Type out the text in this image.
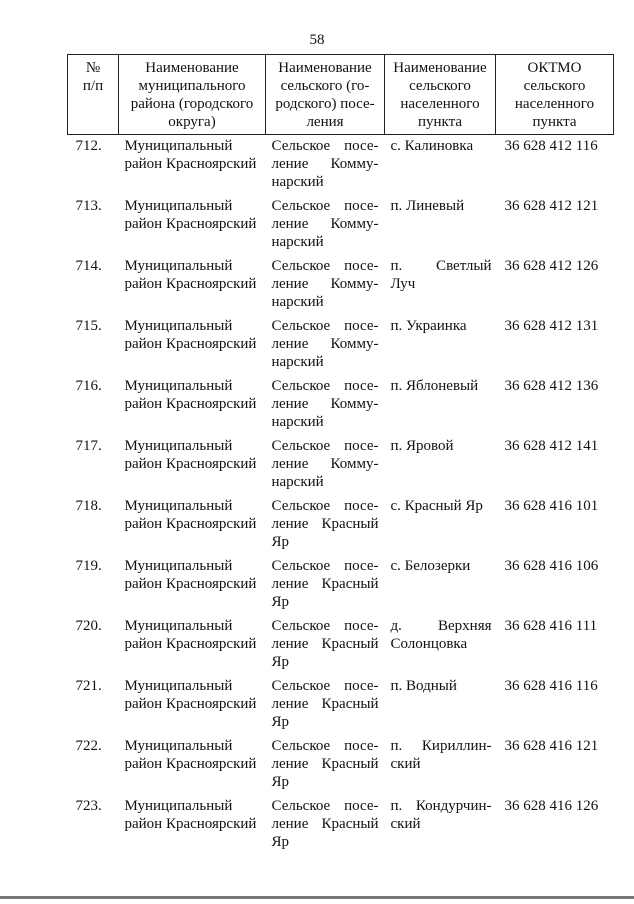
58
№
п/п	Наименование
муниципального
района (городского
округа)	Наименование
сельского (го-
родского) посе-
ления	Наименование
сельского
населенного
пункта	ОКТМО
сельского
населенного
пункта

712.	Муниципальный
район Красноярский	Сельское посе-
ление Комму-
нарский	с. Калиновка	36 628 412 116
713.	Муниципальный
район Красноярский	Сельское посе-
ление Комму-
нарский	п. Линевый	36 628 412 121
714.	Муниципальный
район Красноярский	Сельское посе-
ление Комму-
нарский	п. Светлый
Луч	36 628 412 126
715.	Муниципальный
район Красноярский	Сельское посе-
ление Комму-
нарский	п. Украинка	36 628 412 131
716.	Муниципальный
район Красноярский	Сельское посе-
ление Комму-
нарский	п. Яблоневый	36 628 412 136
717.	Муниципальный
район Красноярский	Сельское посе-
ление Комму-
нарский	п. Яровой	36 628 412 141
718.	Муниципальный
район Красноярский	Сельское посе-
ление Красный
Яр	с. Красный Яр	36 628 416 101
719.	Муниципальный
район Красноярский	Сельское посе-
ление Красный
Яр	с. Белозерки	36 628 416 106
720.	Муниципальный
район Красноярский	Сельское посе-
ление Красный
Яр	д. Верхняя
Солонцовка	36 628 416 111
721.	Муниципальный
район Красноярский	Сельское посе-
ление Красный
Яр	п. Водный	36 628 416 116
722.	Муниципальный
район Красноярский	Сельское посе-
ление Красный
Яр	п. Кириллин-
ский	36 628 416 121
723.	Муниципальный
район Красноярский	Сельское посе-
ление Красный
Яр	п. Кондурчин-
ский	36 628 416 126
